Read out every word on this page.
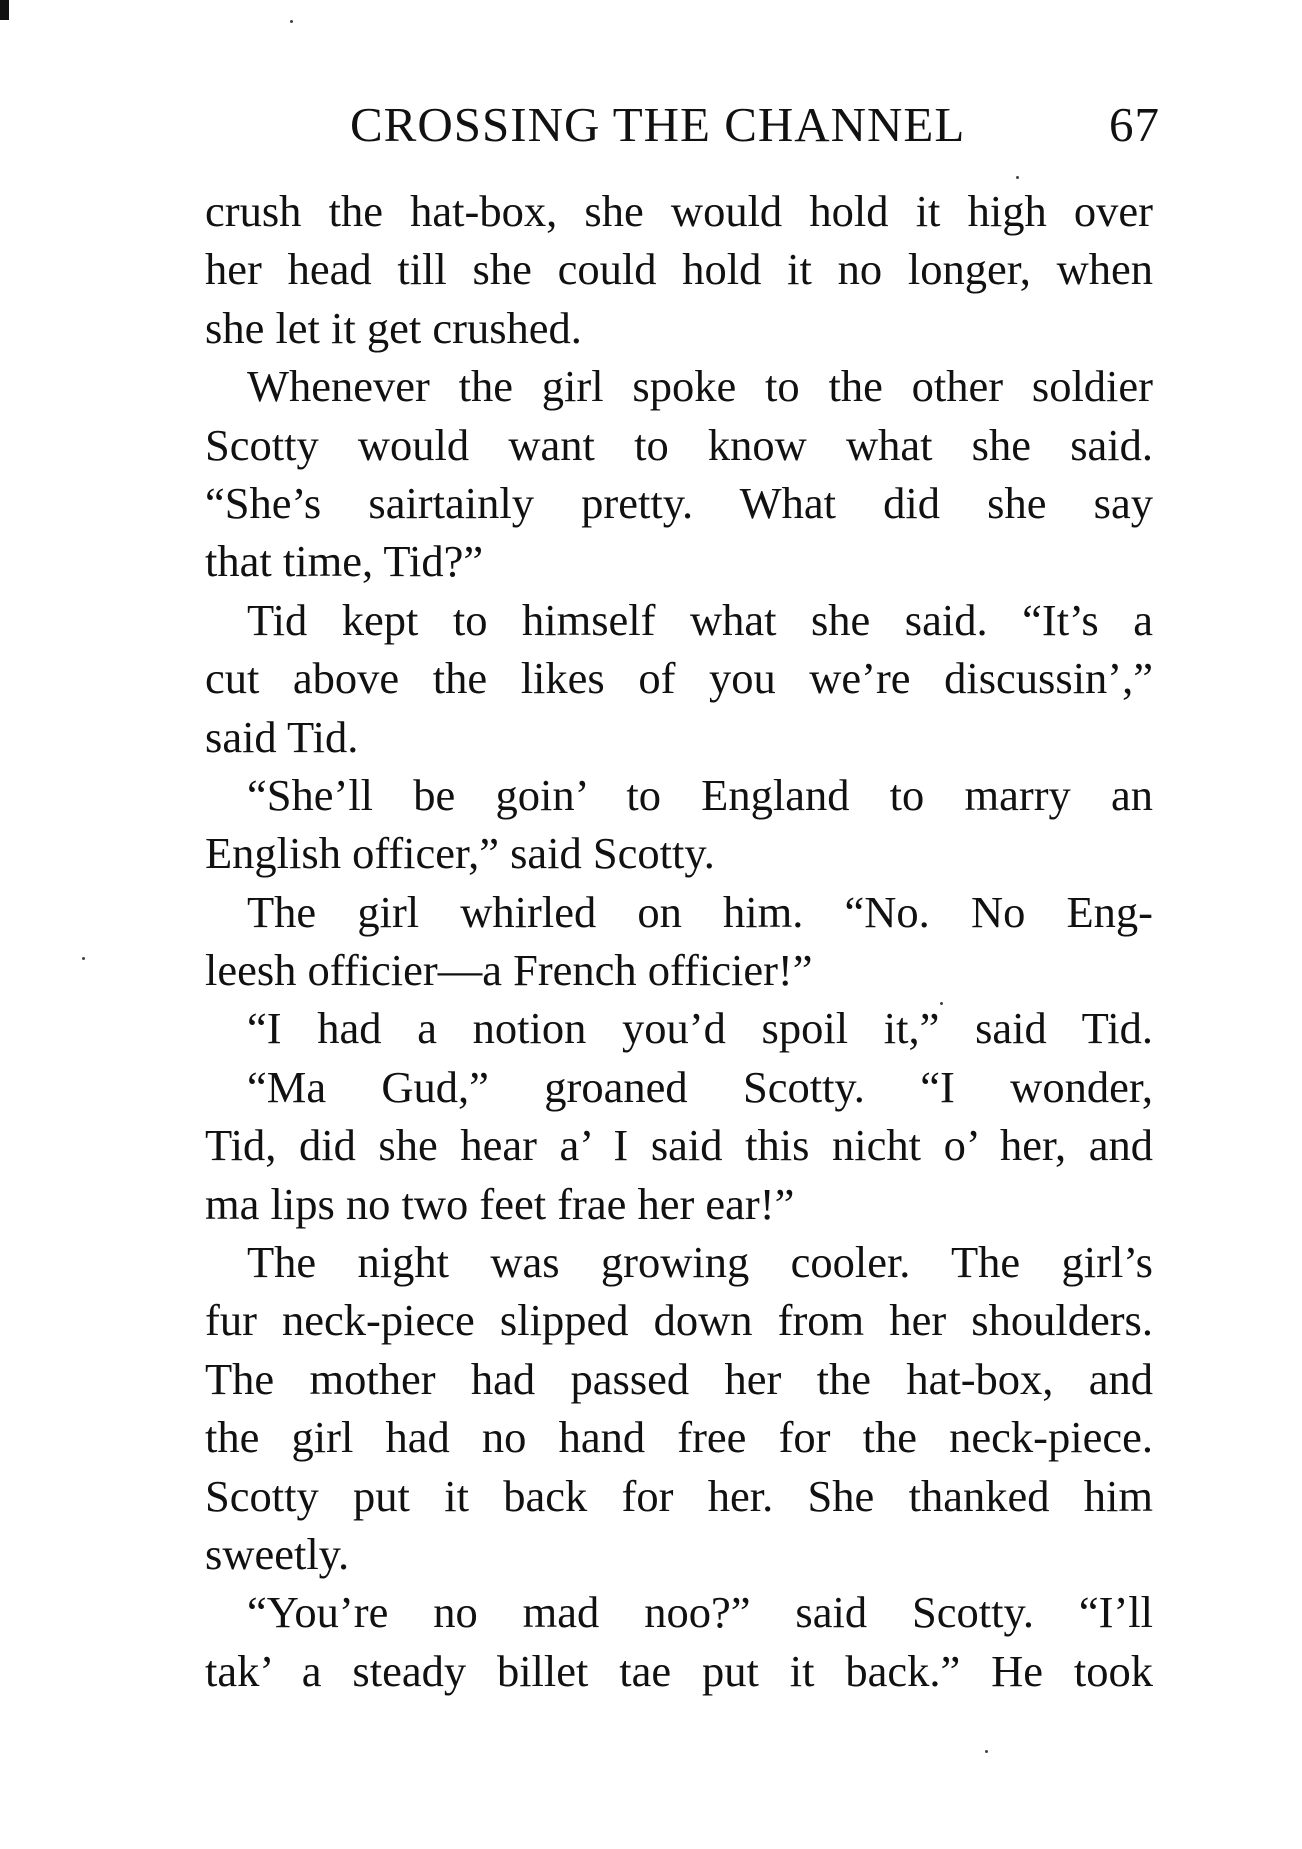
CROSSING THE CHANNEL	67
crush the hat-box, she would hold it high over
her head till she could hold it no longer, when
she let it get crushed.
Whenever the girl spoke to the other soldier
Scotty would want to know what she said.
“She’s sairtainly pretty. What did she say
that time, Tid?”
Tid kept to himself what she said. “It’s a
cut above the likes of you we’re discussin’,”
said Tid.
“She’ll be goin’ to England to marry an
English officer,” said Scotty.
The girl whirled on him. “No. No Eng-
leesh officier—a French officier!”
“I had a notion you’d spoil it,” said Tid.
“Ma Gud,” groaned Scotty. “I wonder,
Tid, did she hear a’ I said this nicht o’ her, and
ma lips no two feet frae her ear!”
The night was growing cooler. The girl’s
fur neck-piece slipped down from her shoulders.
The mother had passed her the hat-box, and
the girl had no hand free for the neck-piece.
Scotty put it back for her. She thanked him
sweetly.
“You’re no mad noo?” said Scotty. “I’ll
tak’ a steady billet tae put it back.” He took
